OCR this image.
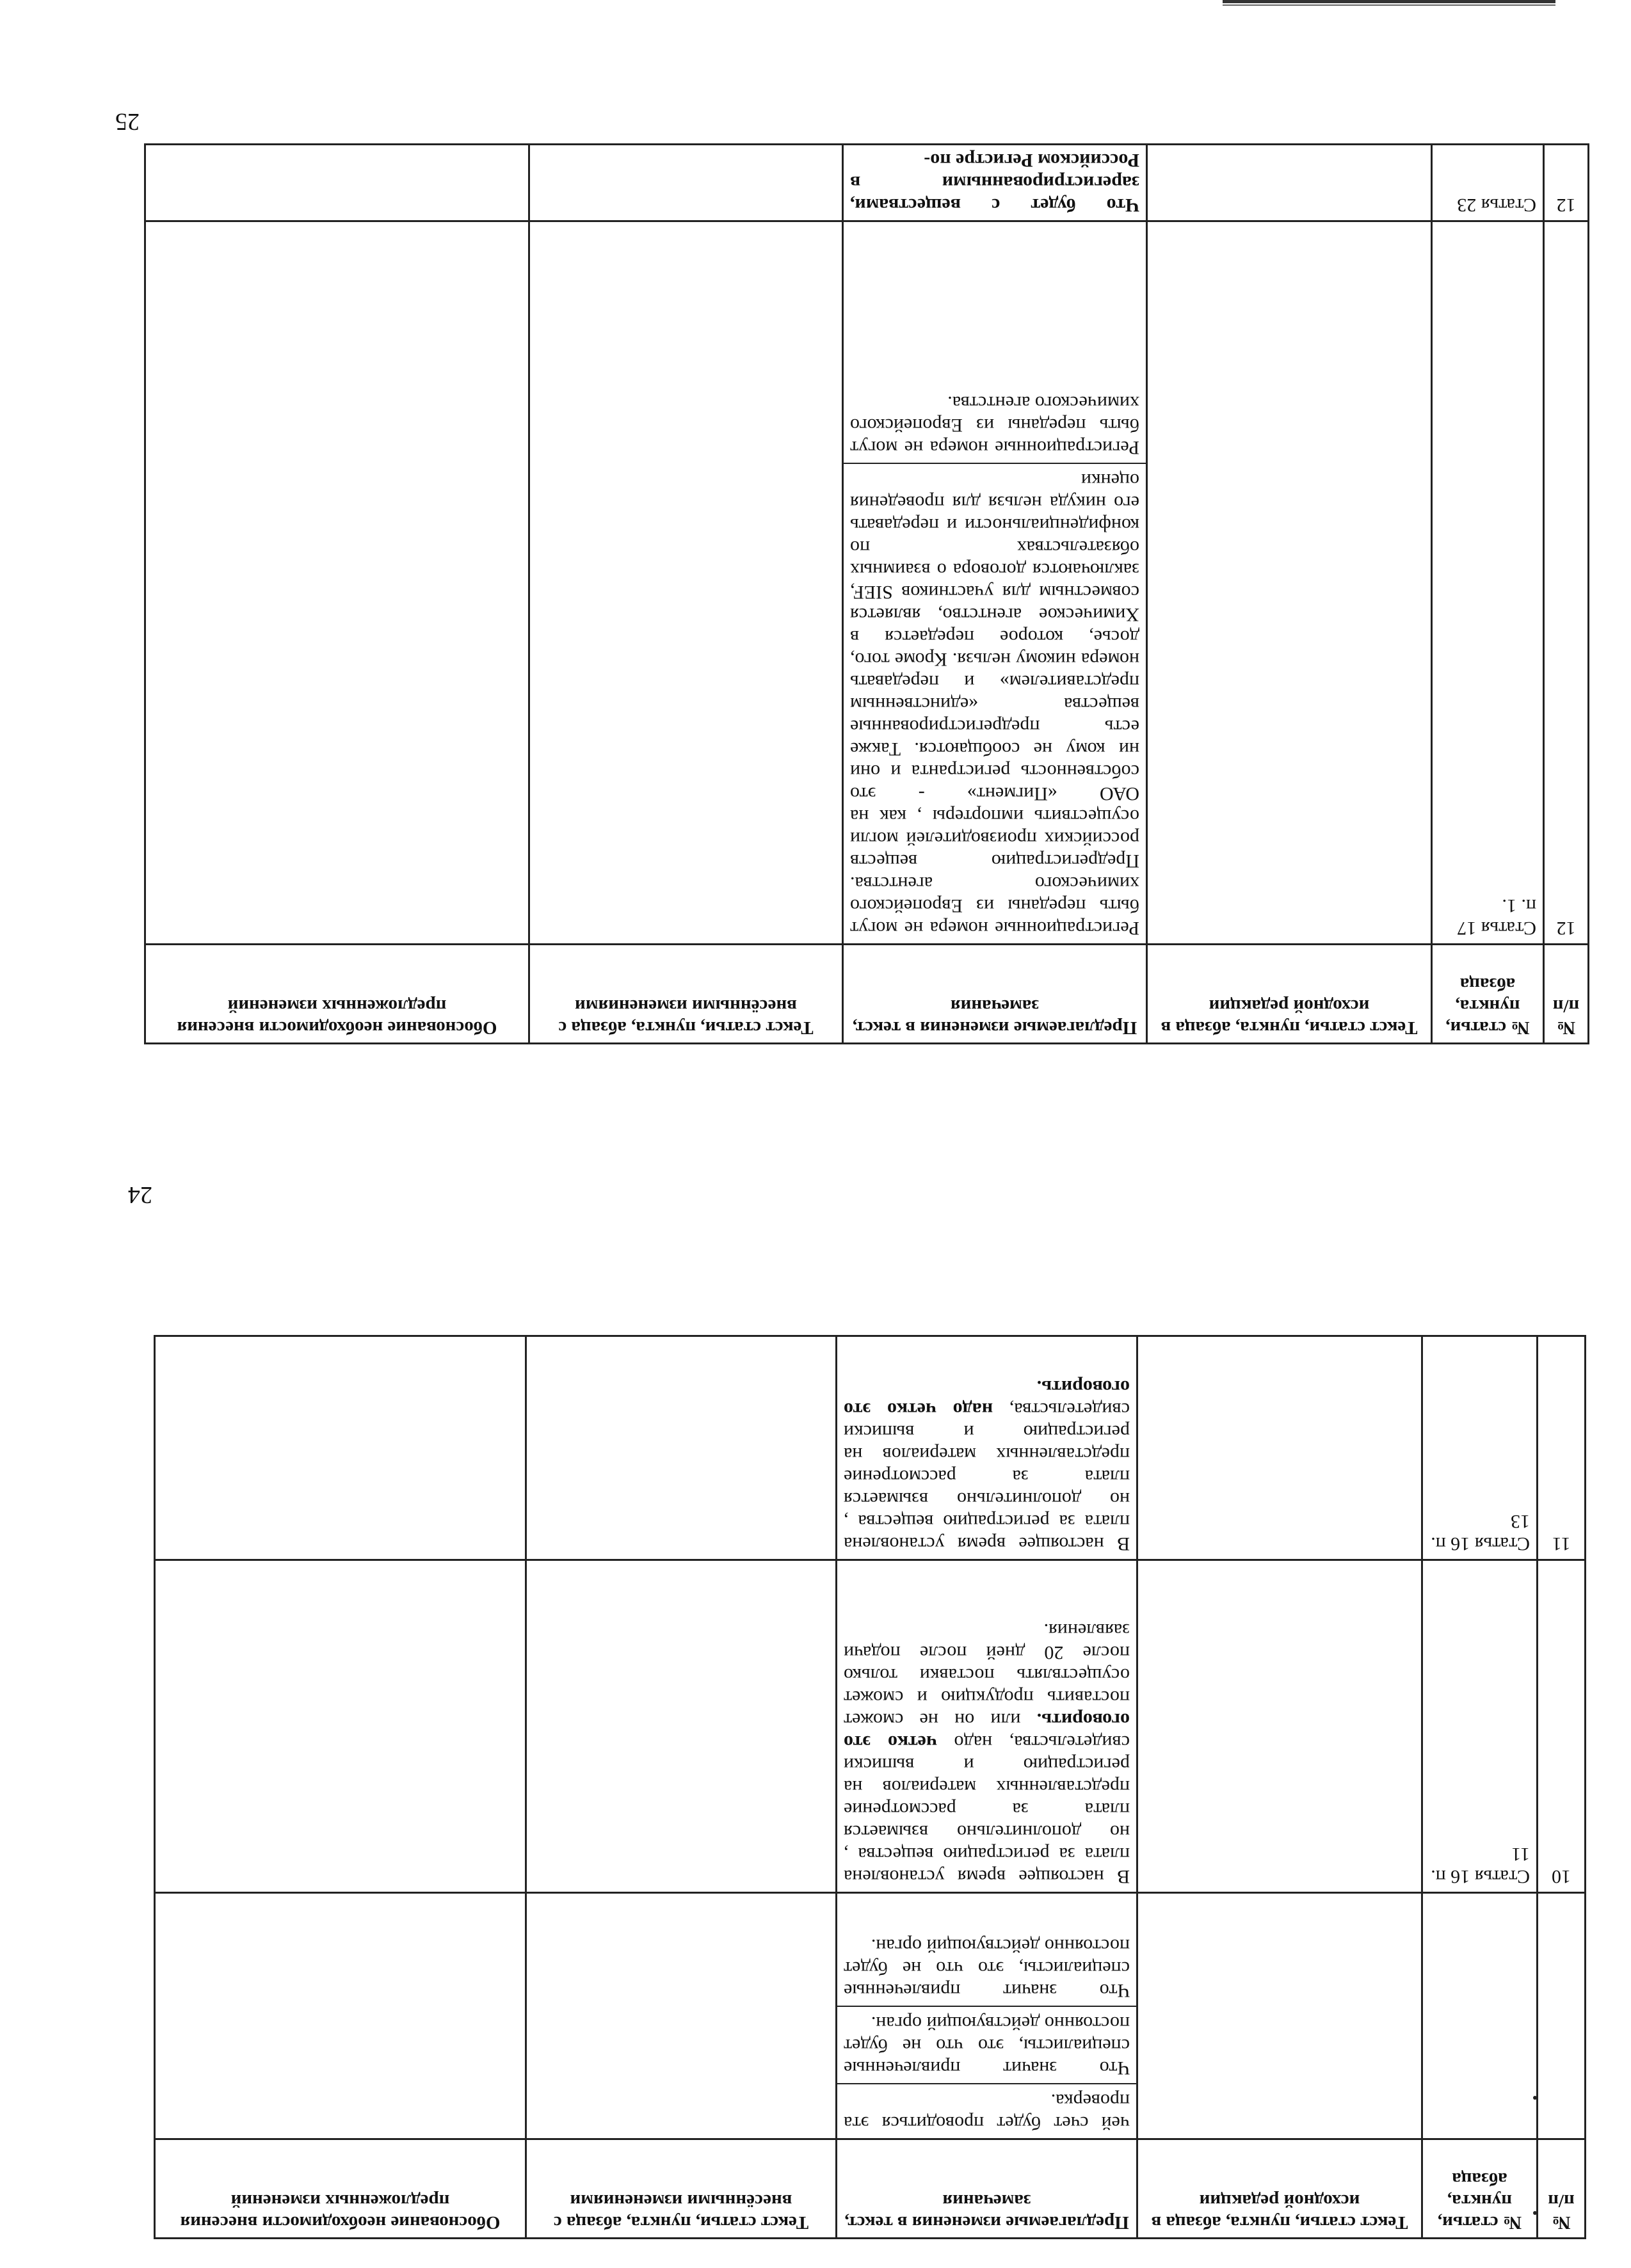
№ п/п	№ статьи, пункта, абзаца	Текст статьи, пункта, абзаца в исходной редакции	Предлагаемые изменения в текст, замечания	Текст статьи, пункта, абзаца с внесёнными изменениями	Обоснование необходимости внесения предложенных изменений
12	Статья 17 п. 1.		Регистрационные номера не могут быть переданы из Европейского химического агентства. Предрегистрацию веществ российских производителей могли осуществить импортеры , как на ОАО «Пигмент» - это собственность регистранта и они ни кому не сообщаются. Также есть предрегистрированные вещества «единственным представителем» и передавать номера никому нельзя. Кроме того, досье, которое передается в Химическое агентство, является совместным для участников SIEF, заключаются договора о взаимных обязательствах по конфиденциальности и передавать его никуда нельзя для проведения оценки
Регистрационные номера не могут быть переданы из Европейского химического агентства.		

12	Статья 23		Что будет с веществами, зарегистрированными в Российском Регистре по-		

25
№ п/п	№ статьи, пункта, абзаца	Текст статьи, пункта, абзаца в исходной редакции	Предлагаемые изменения в текст, замечания	Текст статьи, пункта, абзаца с внесёнными изменениями	Обоснование необходимости внесения предложенных изменений

			чей счет будет проводиться эта проверка.
Что значит привлеченные специалисты, это что не будет постоянно действующий орган.
Что значит привлеченные специалисты, это что не будет постоянно действующий орган.		

10	Статья 16 п. 11		В настоящее время установлена плата за регистрацию вещества , но дополнительно взымается плата за рассмотрение представленных материалов на регистрацию и выписки свидетельства, надо четко это оговорить. или он не сможет поставить продукцию и сможет осуществлять поставки только после 20 дней после подачи заявления.		

11	Статья 16 п. 13		В настоящее время установлена плата за регистрацию вещества , но дополнительно взымается плата за рассмотрение представленных материалов на регистрацию и выписки свидетельства, надо четко это оговорить.		

24
